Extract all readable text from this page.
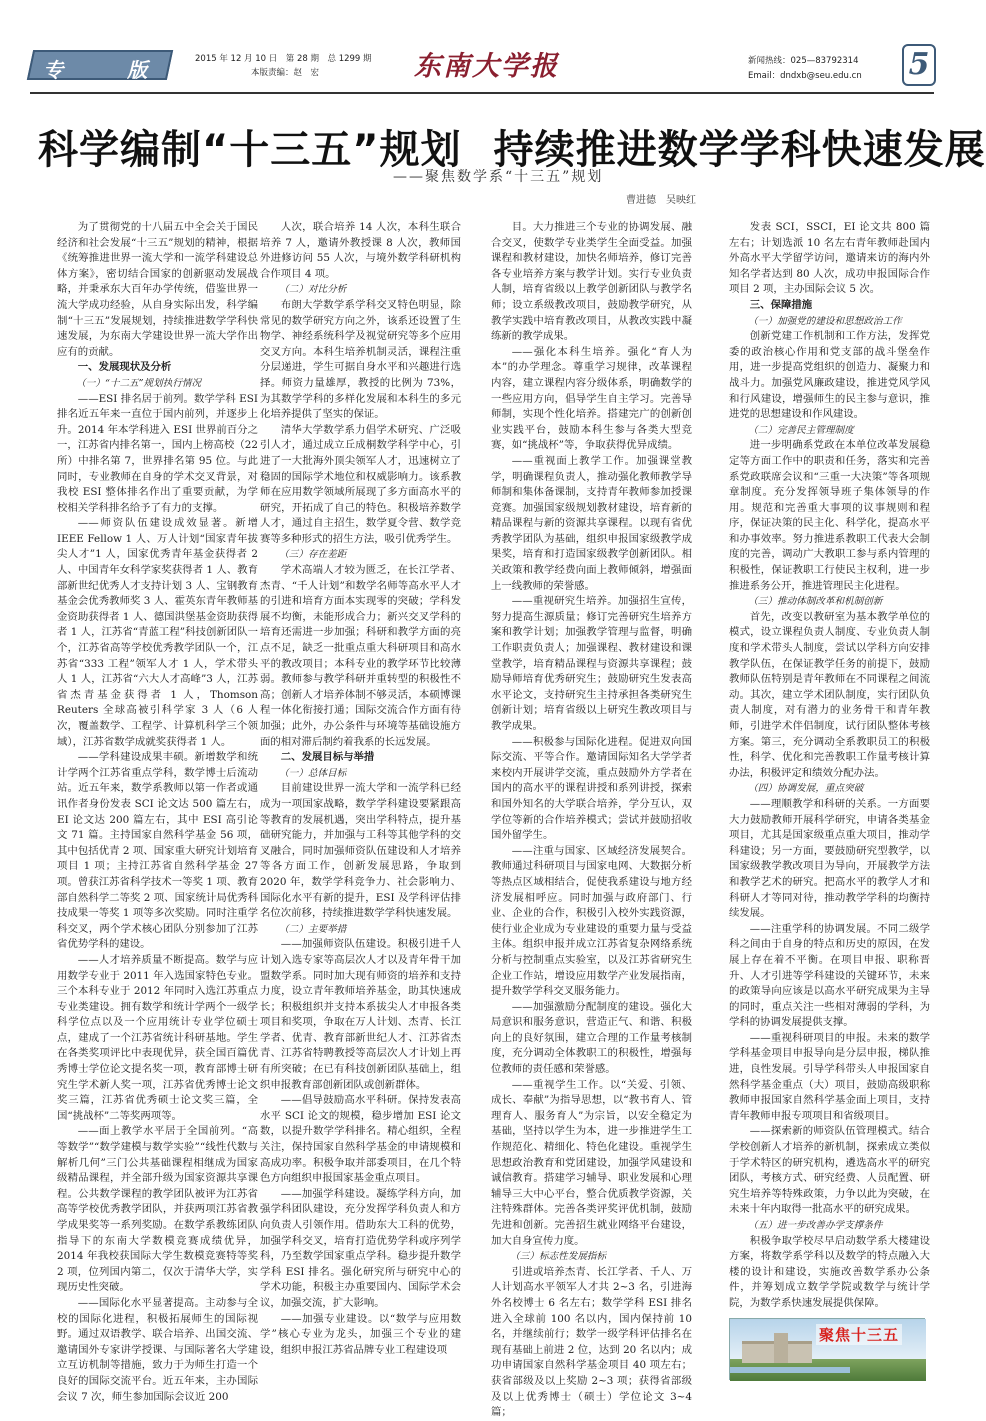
专	版	2015 年 12 月 10 日　第 28 期　总 1299 期
本版责编：赵　宏	东南大学报	新闻热线：025—83792314
Email：dndxb@seu.edu.cn 5
科学编制“十三五”规划 持续推进数学学科快速发展
——聚焦数学系“十三五”规划
曹进德　吴映红

为了贯彻党的十八届五中全会关于国民经济和社会发展“十三五”规划的精神，根据《统筹推进世界一流大学和一流学科建设总体方案》，密切结合国家的创新驱动发展战略，并秉承东大百年办学传统，借鉴世界一流大学成功经验，从自身实际出发，科学编制“十三五”发展规划，持续推进数学学科快速发展，为东南大学建设世界一流大学作出应有的贡献。

一、发展现状及分析

（一）“十二五”规划执行情况

——ESI 排名居于前列。数学学科 ESI 排名近五年来一直位于国内前列，并逐步上升。2014 年本学科进入 ESI 世界前百分之一，江苏省内排名第一，国内上榜高校（22 所）中排名第 7，世界排名第 95 位。与此同时，专业教师在自身的学术交叉背景，对我校 ESI 整体排名作出了重要贡献，为学校相关学科排名给予了有力的支撑。

——师资队伍建设成效显著。新增 IEEE Fellow 1 人、万人计划“国家青年拔尖人才”1 人，国家优秀青年基金获得者 2 人、中国青年女科学家奖获得者 1 人、教育部新世纪优秀人才支持计划 3 人、宝钢教育基金会优秀教师奖 3 人、霍英东青年教师基金资助获得者 1 人、德国洪堡基金资助获得者 1 人，江苏省“青蓝工程”科技创新团队一个，江苏省高等学校优秀教学团队一个，江苏省“333 工程”领军人才 1 人，学术带头人 1 人，江苏省“六大人才高峰”3 人，江苏省杰青基金获得者 1 人，Thomson Reuters 全球高被引科学家 3 人（6 人次，覆盖数学、工程学、计算机科学三个领域），江苏省数学成就奖获得者 1 人。

——学科建设成果丰硕。新增数学和统计学两个江苏省重点学科，数学博士后流动站。近五年来，数学系教师以第一作者或通讯作者身份发表 SCI 论文达 500 篇左右，EI 论文达 200 篇左右，其中 ESI 高引论文 71 篇。主持国家自然科学基金 56 项，其中包括优青 2 项、国家重大研究计划培育项目 1 项；主持江苏省自然科学基金 27 项。曾获江苏省科学技术一等奖 1 项、教育部自然科学二等奖 2 项、国家统计局优秀科技成果一等奖 1 项等多次奖励。同时注重学科交叉，两个学术核心团队分别参加了江苏省优势学科的建设。

——人才培养质量不断提高。数学与应用数学专业于 2011 年入选国家特色专业。三个本科专业于 2012 年同时入选江苏重点专业类建设。拥有数学和统计学两个一级学科学位点以及一个应用统计专业学位硕士点，建成了一个江苏省统计科研基地。学生在各类奖项评比中表现优异，获全国百篇优秀博士学位论文提名奖一项，教育部博士研究生学术新人奖一项，江苏省优秀博士论文奖三篇，江苏省优秀硕士论文奖三篇，全国“挑战杯”二等奖两项等。

——面上教学水平居于全国前列。“高等数学”“数学建模与数学实验”“线性代数与解析几何”三门公共基础课程相继成为国家级精品课程，并全部升级为国家资源共享课程。公共数学课程的教学团队被评为江苏省高等学校优秀教学团队，并获两项江苏省教学成果奖等一系列奖励。在数学系教练团队指导下的东南大学数模竞赛成绩优异，2014 年我校获国际大学生数模竞赛特等奖 2 项，位列国内第二，仅次于清华大学，实现历史性突破。

——国际化水平显著提高。主动参与全校的国际化进程，积极拓展师生的国际视野。通过双语教学、联合培养、出国交流、邀请国外专家讲学授课、与国际著名大学建立互访机制等措施，致力于为师生打造一个良好的国际交流平台。近五年来，主办国际会议 7 次，师生参加国际会议近 200

人次，联合培养 14 人次，本科生联合培养 7 人，邀请外教授课 8 人次，教师国外进修访问 55 人次，与境外数学科研机构合作项目 4 项。

（二）对比分析

布朗大学数学系学科交叉特色明显，除常见的数学研究方向之外，该系还设置了生物学、神经系统科学及视觉研究等多个应用交叉方向。本科生培养机制灵活，课程注重分层递进，学生可据自身水平和兴趣进行选择。师资力量雄厚，教授的比例为 73%，为其数学学科的多样化发展和本科生的多元化培养提供了坚实的保证。

清华大学数学系力倡学术研究、广泛吸引人才，通过成立丘成桐数学科学中心，引进了一大批海外顶尖领军人才，迅速树立了稳固的国际学术地位和权威影响力。该系教师在应用数学领域所展现了多方面高水平的研究，开拓成了自己的特色。积极培养数学人才，通过自主招生，数学夏令营、数学竞赛等多种形式的招生方法，吸引优秀学生。

（三）存在差距

学术高端人才较为匮乏，在长江学者、杰青、“千人计划”和数学名师等高水平人才的引进和培育方面本实现零的突破；学科发展不均衡，未能形成合力；新兴交叉学科的培育还需进一步加强；科研和教学方面的亮点不足，缺乏一批重点重大科研项目和高水平的教改项目；本科专业的教学环节比较薄弱。教师参与教学科研并重转型的积极性不高；创新人才培养体制不够灵活，本硕博课程一体化衔接打通；国际交流合作方面有待加强；此外，办公条件与环境等基础设施方面的相对滞后制约着我系的长远发展。

二、发展目标与举措

（一）总体目标

目前建设世界一流大学和一流学科已经成为一项国家战略，数学学科建设要紧跟高等教育的发展机遇，突出学科特点，提升基础研究能力，并加强与工科等其他学科的交叉融合，同时加强师资队伍建设和人才培养等各方面工作，创新发展思路，争取到 2020 年，数学学科竞争力、社会影响力、国际化水平有新的提升，ESI 及学科评估排名位次前移，持续推进数学学科快速发展。

（二）主要举措

——加强师资队伍建设。积极引进千人计划入选专家等高层次人才以及青年骨干加盟数学系。同时加大现有师资的培养和支持力度，设立青年教师培养基金，助其快速成长；积极组织并支持本系拔尖人才申报各类项目和奖项，争取在万人计划、杰青、长江学者、优青、教育部新世纪人才、江苏省杰青、江苏省特聘教授等高层次人才计划上再有所突破；在已有科技创新团队基础上，组织申报教育部创新团队或创新群体。

——倡导鼓励高水平科研。保持发表高水平 SCI 论文的规模，稳步增加 ESI 论文数，以提升数学学科排名。精心组织，全程关注，保持国家自然科学基金的申请规模和高成功率。积极争取并部委项目，在几个特色方向组织申报国家基金重点项目。

——加强学科建设。凝练学科方向，加强学科团队建设，充分发挥学科负责人和方向负责人引领作用。借助东大工科的优势，加强学科交叉，培育打造优势学科或序列学科，乃至数学国家重点学科。稳步提升数学学科 ESI 排名。强化研究所与研究中心的学术功能，积极主办重要国内、国际学术会议，加强交流，扩大影响。

——加强专业建设。以“数学与应用数学”核心专业为龙头，加强三个专业的建设，组织申报江苏省品牌专业工程建设项

目。大力推进三个专业的协调发展、融合交叉，使数学专业类学生全面受益。加强课程和教材建设，加快名师培养，修订完善各专业培养方案与教学计划。实行专业负责人制，培育省级以上教学创新团队与教学名师；设立系级教改项目，鼓励教学研究，从教学实践中培育教改项目，从教改实践中凝练新的教学成果。

——强化本科生培养。强化“育人为本”的办学理念。尊重学习规律，改革课程内容，建立课程内容分级体系，明确数学的一些应用方向，倡导学生自主学习。完善导师制，实现个性化培养。搭建完广的创新创业实践平台，鼓励本科生参与各类大型竞赛，如“挑战杯”等，争取获得优异成绩。

——重视面上教学工作。加强课堂教学，明确课程负责人，推动强化教师教学导师制和集体备课制，支持青年教师参加授课竞赛。加强国家级规划教材建设，培育新的精品课程与新的资源共享课程。以现有省优秀教学团队为基础，组织申报国家级教学成果奖，培育和打造国家级教学创新团队。相关政策和教学经费向面上教师倾斜，增强面上一线教师的荣誉感。

——重视研究生培养。加强招生宣传，努力提高生源质量；修订完善研究生培养方案和教学计划；加强教学管理与监督，明确工作职责负责人；加强课程、教材建设和课堂教学，培育精品课程与资源共享课程；鼓励导师培育优秀研究生；鼓励研究生发表高水平论文，支持研究生主持承担各类研究生创新计划；培育省级以上研究生教改项目与教学成果。

——积极参与国际化进程。促进双向国际交流、平等合作。邀请国际知名大学学者来校内开展讲学交流，重点鼓励外方学者在国内的高水平的课程讲授和系列讲授，探索和国外知名的大学联合培养，学分互认，双学位等新的合作培养模式；尝试并鼓励招收国外留学生。

——注重与国家、区域经济发展契合。教师通过科研项目与国家电网、大数据分析等热点区域相结合，促使我系建设与地方经济发展相呼应。同时加强与政府部门、行业、企业的合作，积极引入校外实践资源，使行业企业成为专业建设的重要力量与受益主体。组织申报并成立江苏省复杂网络系统分析与控制重点实验室，以及江苏省研究生企业工作站，增设应用数学产业发展指南，提升数学学科交叉服务能力。

——加强激励分配制度的建设。强化大局意识和服务意识，营造正气、和谐、积极向上的良好氛围，建立合理的工作量考核制度，充分调动全体教职工的积极性，增强每位教师的责任感和荣誉感。

——重视学生工作。以“关爱、引领、成长、奉献”为指导思想，以“教书育人、管理育人、服务育人”为宗旨，以安全稳定为基础，坚持以学生为本，进一步推进学生工作规范化、精细化、特色化建设。重视学生思想政治教育和党团建设，加强学风建设和诚信教育。搭建学习辅导、职业发展和心理辅导三大中心平台，整合优质教学资源，关注特殊群体。完善各类评奖评优机制，鼓励先进和创新。完善招生就业网络平台建设，加大自身宣传力度。

（三）标志性发展指标

引进或培养杰青、长江学者、千人、万人计划高水平领军人才共 2~3 名，引进海外名校博士 6 名左右；数学学科 ESI 排名进入全球前 100 名以内，国内保持前 10 名，并继续前行；数学一级学科评估排名在现有基础上前进 2 位，达到 20 名以内；成功申请国家自然科学基金项目 40 项左右；获省部级及以上奖励 2~3 项；获得省部级及以上优秀博士（硕士）学位论文 3~4 篇；

发表 SCI，SSCI，EI 论文共 800 篇左右；计划选派 10 名左右青年教师赴国内外高水平大学留学访问，邀请来访的海内外知名学者达到 80 人次，成功申报国际合作项目 2 项，主办国际会议 5 次。

三、保障措施

（一）加强党的建设和思想政治工作

创新党建工作机制和工作方法，发挥党委的政治核心作用和党支部的战斗堡垒作用，进一步提高党组织的创造力、凝聚力和战斗力。加强党风廉政建设，推进党风学风和行风建设，增强师生的民主参与意识，推进党的思想建设和作风建设。

（二）完善民主管理制度

进一步明确系党政在本单位改革发展稳定等方面工作中的职责和任务，落实和完善系党政联席会议和“三重一大决策”等各项规章制度。充分发挥领导班子集体领导的作用。规范和完善重大事项的议事规则和程序，保证决策的民主化、科学化，提高水平和办事效率。努力推进系教职工代表大会制度的完善，调动广大教职工参与系内管理的积极性，保证教职工行使民主权利，进一步推进系务公开，推进管理民主化进程。

（三）推动体制改革和机制创新

首先，改变以教研室为基本教学单位的模式，设立课程负责人制度、专业负责人制度和学术带头人制度，尝试以学科方向安排教学队伍，在保证教学任务的前提下，鼓励教师队伍特别是青年教师在不同课程之间流动。其次，建立学术团队制度，实行团队负责人制度，对有潜力的业务骨干和青年教师，引进学术伴侣制度，试行团队整体考核方案。第三，充分调动全系教职员工的积极性，科学、优化和完善教职工作量考核计算办法，积极评定和绩效分配办法。

（四）协调发展，重点突破

——理顺教学和科研的关系。一方面要大力鼓励教师开展科学研究，申请各类基金项目，尤其是国家级重点重大项目，推动学科建设；另一方面，要鼓励研究型教学，以国家级教学教改项目为导向，开展教学方法和教学艺术的研究。把高水平的教学人才和科研人才等同对待，推动教学学科的均衡持续发展。

——注重学科的协调发展。不同二级学科之间由于自身的特点和历史的原因，在发展上存在着不平衡。在项目申报、职称晋升、人才引进等学科建设的关键环节，未来的政策导向应该是以高水平研究成果为主导的同时，重点关注一些相对薄弱的学科，为学科的协调发展提供支撑。

——重视科研项目的申报。未来的数学学科基金项目申报导向是分层申报，梯队推进，良性发展。引导学科带头人申报国家自然科学基金重点（大）项目，鼓励高级职称教师申报国家自然科学基金面上项目，支持青年教师申报专项项目和省级项目。

——探索新的师资队伍管理模式。结合学校创新人才培养的新机制，探索成立类似于学术特区的研究机构，遴选高水平的研究团队，考核方式、研究经费、人员配置、研究生培养等特殊政策，力争以此为突破，在未来十年内取得一批高水平的研究成果。

（五）进一步改善办学支撑条件

积极争取学校尽早启动数学系大楼建设方案，将数学系学科以及数学的特点融入大楼的设计和建设，实施改善数学系办公条件，并筹划成立数学学院或数学与统计学院，为数学系快速发展提供保障。

聚焦十三五
